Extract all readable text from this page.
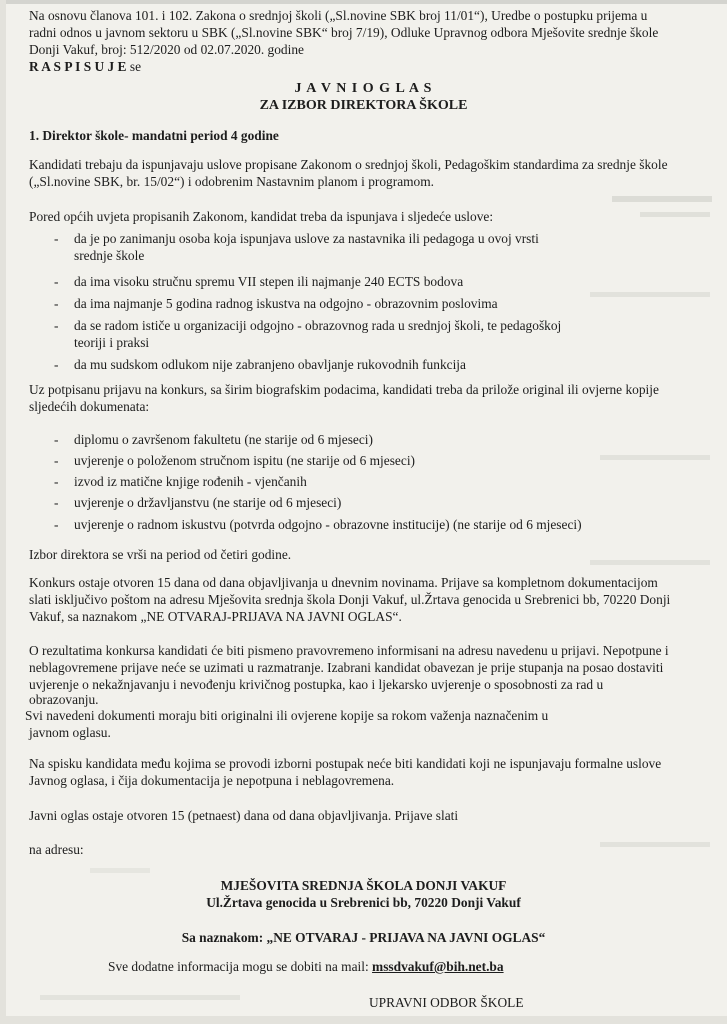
Na osnovu članova 101. i 102. Zakona o srednjoj školi („Sl.novine SBK broj 11/01“), Uredbe o postupku prijema u
radni odnos u javnom sektoru u SBK („Sl.novine SBK“ broj 7/19), Odluke Upravnog odbora Mješovite srednje škole
Donji Vakuf, broj: 512/2020 od 02.07.2020. godine
R A S P I S U J E se
J A V N I O G L A S
ZA IZBOR DIREKTORA ŠKOLE
1. Direktor škole- mandatni period 4 godine
Kandidati trebaju da ispunjavaju uslove propisane Zakonom o srednjoj školi, Pedagoškim standardima za srednje škole
(„Sl.novine SBK, br. 15/02“) i odobrenim Nastavnim planom i programom.
Pored općih uvjeta propisanih Zakonom, kandidat treba da ispunjava i sljedeće uslove:
- da je po zanimanju osoba koja ispunjava uslove za nastavnika ili pedagoga u ovoj vrsti
srednje škole
- da ima visoku stručnu spremu VII stepen ili najmanje 240 ECTS bodova
- da ima najmanje 5 godina radnog iskustva na odgojno - obrazovnim poslovima
- da se radom ističe u organizaciji odgojno - obrazovnog rada u srednjoj školi, te pedagoškoj
teoriji i praksi
- da mu sudskom odlukom nije zabranjeno obavljanje rukovodnih funkcija
Uz potpisanu prijavu na konkurs, sa širim biografskim podacima, kandidati treba da prilože original ili ovjerne kopije
sljedećih dokumenata:
- diplomu o završenom fakultetu (ne starije od 6 mjeseci)
- uvjerenje o položenom stručnom ispitu (ne starije od 6 mjeseci)
- izvod iz matične knjige rođenih - vjenčanih
- uvjerenje o državljanstvu (ne starije od 6 mjeseci)
- uvjerenje o radnom iskustvu (potvrda odgojno - obrazovne institucije) (ne starije od 6 mjeseci)
Izbor direktora se vrši na period od četiri godine.
Konkurs ostaje otvoren 15 dana od dana objavljivanja u dnevnim novinama. Prijave sa kompletnom dokumentacijom
slati isključivo poštom na adresu Mješovita srednja škola Donji Vakuf, ul.Žrtava genocida u Srebrenici bb, 70220 Donji
Vakuf, sa naznakom „NE OTVARAJ-PRIJAVA NA JAVNI OGLAS“.
O rezultatima konkursa kandidati će biti pismeno pravovremeno informisani na adresu navedenu u prijavi. Nepotpune i
neblagovremene prijave neće se uzimati u razmatranje. Izabrani kandidat obavezan je prije stupanja na posao dostaviti
uvjerenje o nekažnjavanju i nevođenju krivičnog postupka, kao i ljekarsko uvjerenje o sposobnosti za rad u
obrazovanju.
Svi navedeni dokumenti moraju biti originalni ili ovjerene kopije sa rokom važenja naznačenim u
javnom oglasu.
Na spisku kandidata među kojima se provodi izborni postupak neće biti kandidati koji ne ispunjavaju formalne uslove
Javnog oglasa, i čija dokumentacija je nepotpuna i neblagovremena.
Javni oglas ostaje otvoren 15 (petnaest) dana od dana objavljivanja. Prijave slati
na adresu:
MJEŠOVITA SREDNJA ŠKOLA DONJI VAKUF
Ul.Žrtava genocida u Srebrenici bb, 70220 Donji Vakuf
Sa naznakom: „NE OTVARAJ - PRIJAVA NA JAVNI OGLAS“
Sve dodatne informacija mogu se dobiti na mail: mssdvakuf@bih.net.ba
UPRAVNI ODBOR ŠKOLE
